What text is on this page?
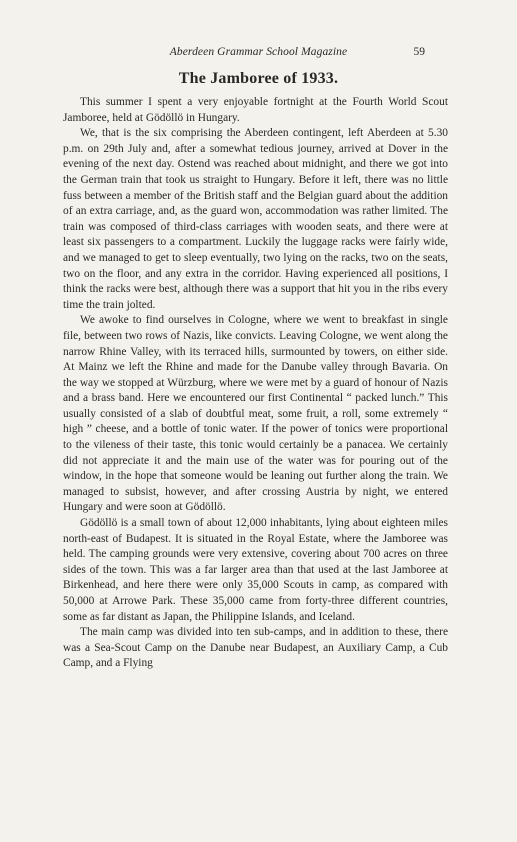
Aberdeen Grammar School Magazine	59
The Jamboree of 1933.

This summer I spent a very enjoyable fortnight at the Fourth World Scout Jamboree, held at Gödöllö in Hungary.

We, that is the six comprising the Aberdeen contingent, left Aberdeen at 5.30 p.m. on 29th July and, after a somewhat tedious journey, arrived at Dover in the evening of the next day. Ostend was reached about midnight, and there we got into the German train that took us straight to Hungary. Before it left, there was no little fuss between a member of the British staff and the Belgian guard about the addition of an extra carriage, and, as the guard won, accommodation was rather limited. The train was composed of third-class carriages with wooden seats, and there were at least six passengers to a compartment. Luckily the luggage racks were fairly wide, and we managed to get to sleep eventually, two lying on the racks, two on the seats, two on the floor, and any extra in the corridor. Having experienced all positions, I think the racks were best, although there was a support that hit you in the ribs every time the train jolted.

We awoke to find ourselves in Cologne, where we went to breakfast in single file, between two rows of Nazis, like convicts. Leaving Cologne, we went along the narrow Rhine Valley, with its terraced hills, surmounted by towers, on either side. At Mainz we left the Rhine and made for the Danube valley through Bavaria. On the way we stopped at Würzburg, where we were met by a guard of honour of Nazis and a brass band. Here we encountered our first Continental “ packed lunch.” This usually consisted of a slab of doubtful meat, some fruit, a roll, some extremely “ high ” cheese, and a bottle of tonic water. If the power of tonics were proportional to the vileness of their taste, this tonic would certainly be a panacea. We certainly did not appreciate it and the main use of the water was for pouring out of the window, in the hope that someone would be leaning out further along the train. We managed to subsist, however, and after crossing Austria by night, we entered Hungary and were soon at Gödöllö.

Gödöllö is a small town of about 12,000 inhabitants, lying about eighteen miles north-east of Budapest. It is situated in the Royal Estate, where the Jamboree was held. The camping grounds were very extensive, covering about 700 acres on three sides of the town. This was a far larger area than that used at the last Jamboree at Birkenhead, and here there were only 35,000 Scouts in camp, as compared with 50,000 at Arrowe Park. These 35,000 came from forty-three different countries, some as far distant as Japan, the Philippine Islands, and Iceland.

The main camp was divided into ten sub-camps, and in addition to these, there was a Sea-Scout Camp on the Danube near Budapest, an Auxiliary Camp, a Cub Camp, and a Flying
